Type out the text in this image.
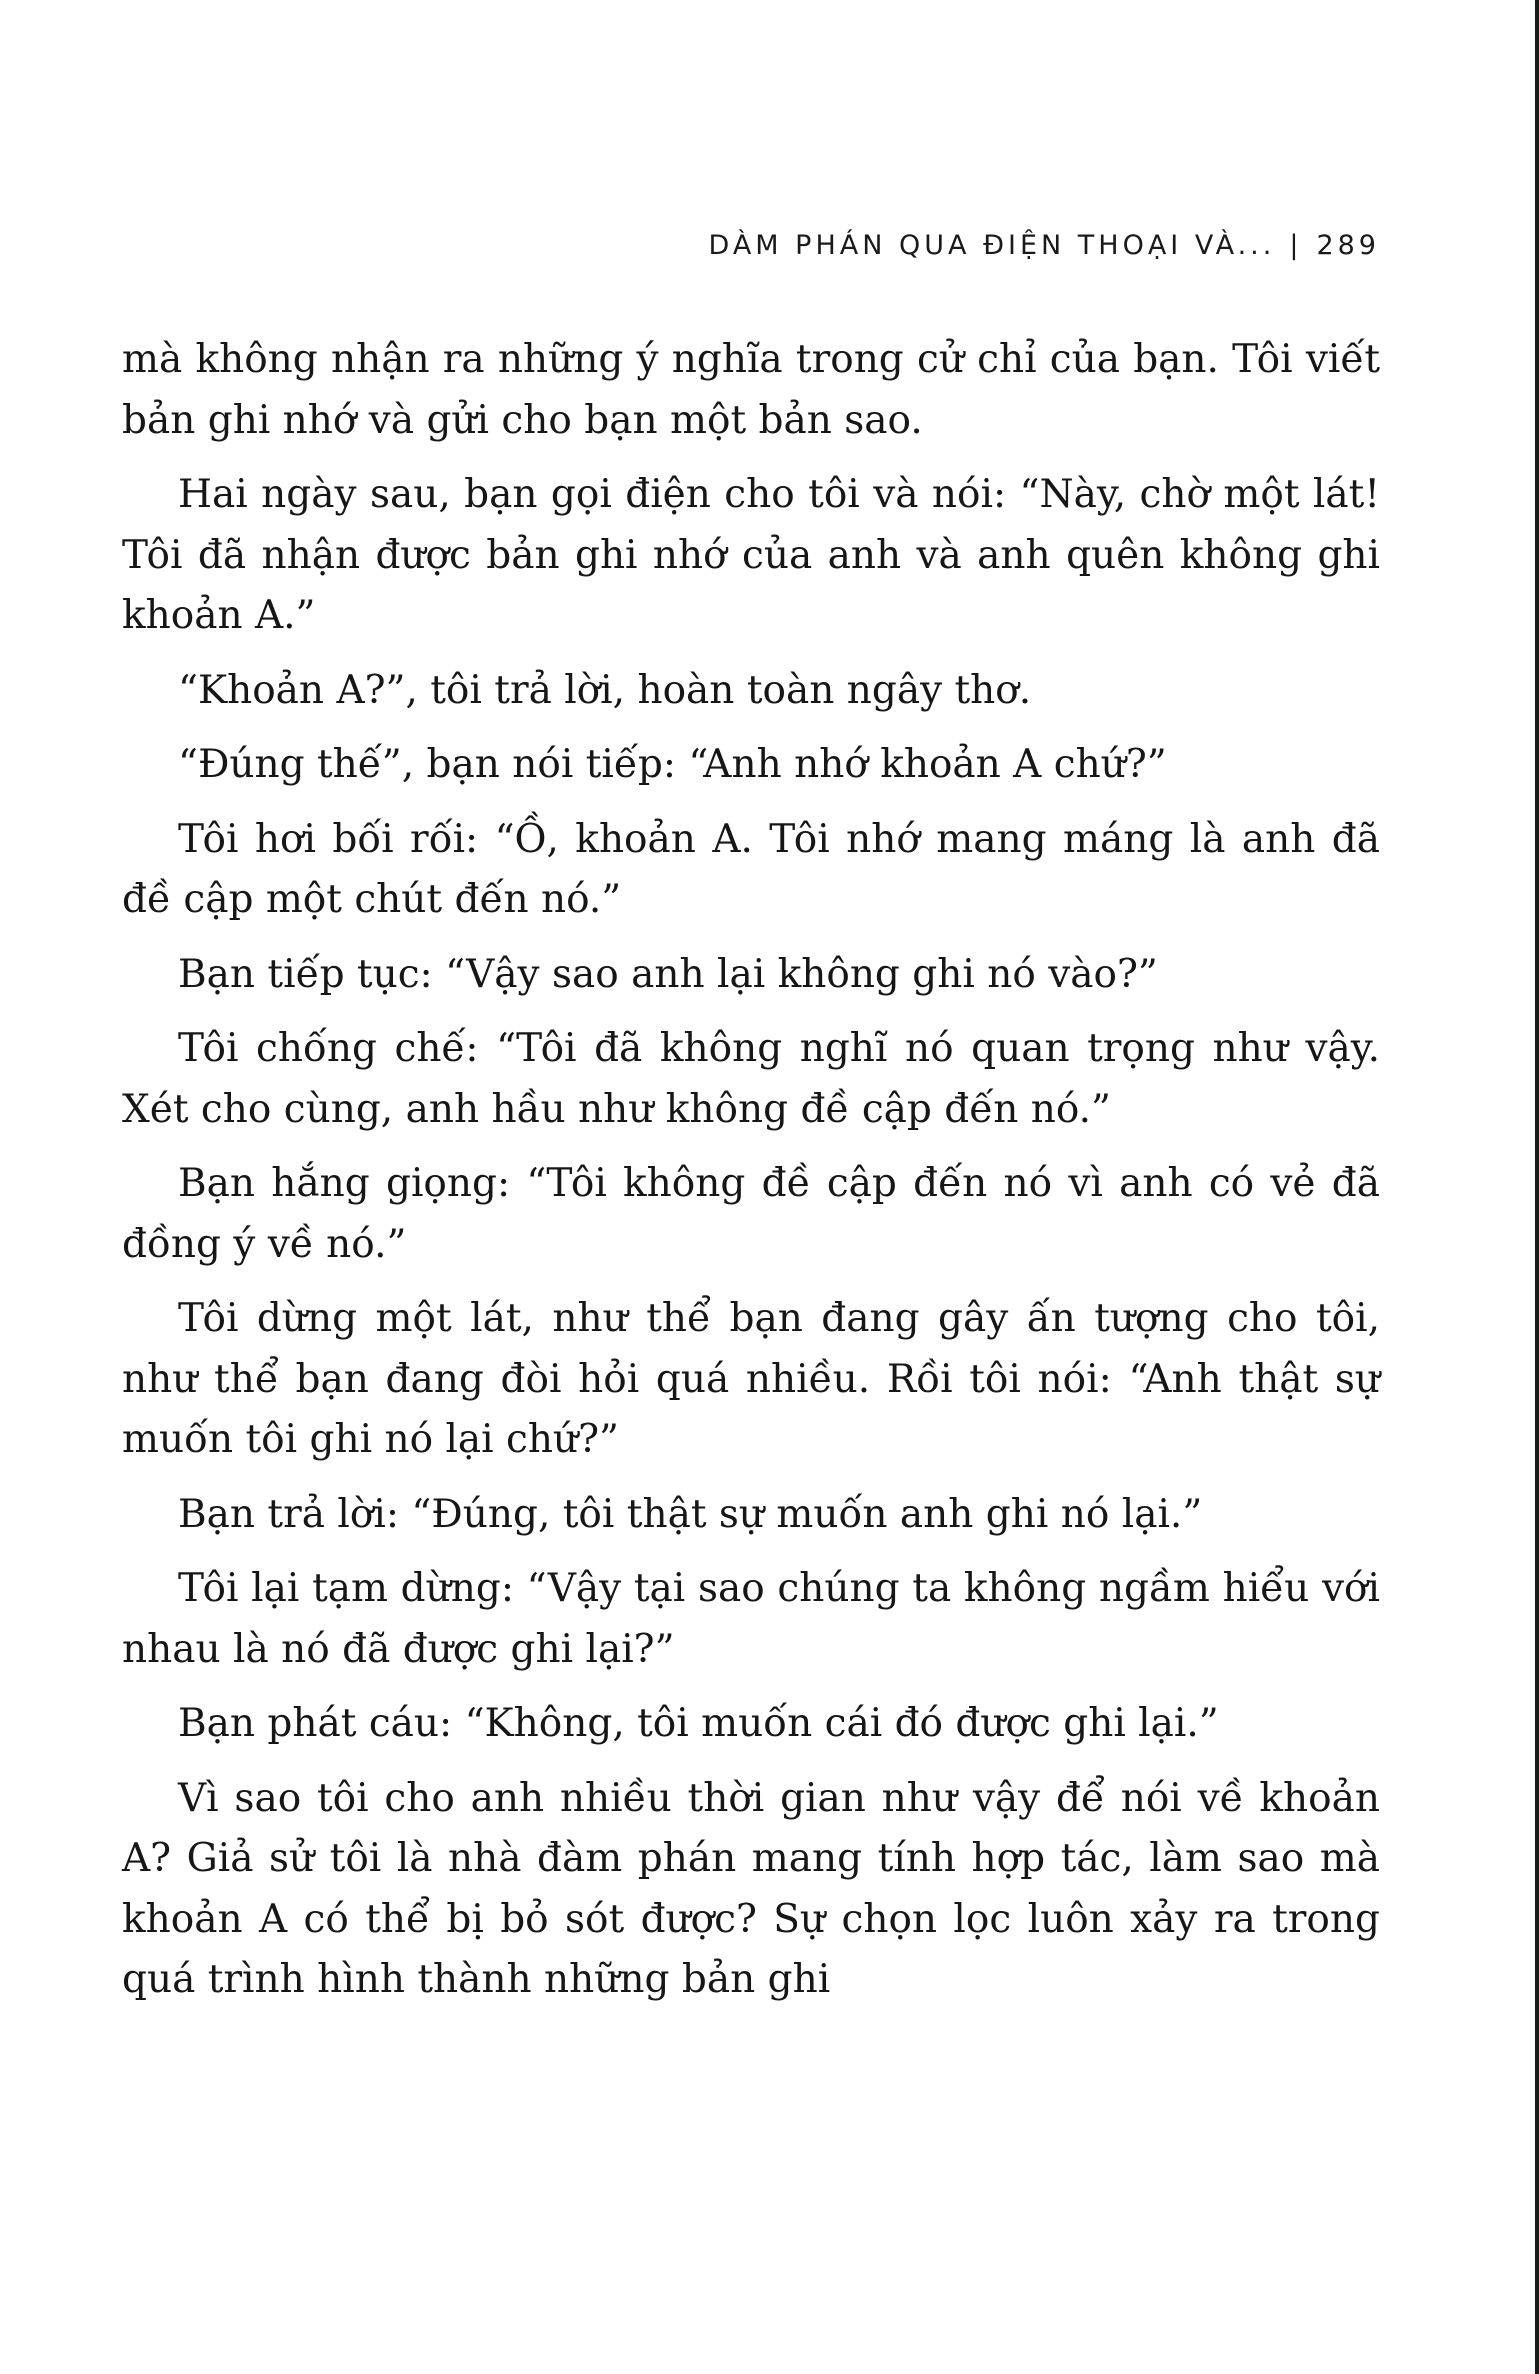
DÀM PHÁN QUA ĐIỆN THOẠI VÀ... | 289

mà không nhận ra những ý nghĩa trong cử chỉ của bạn. Tôi viết bản ghi nhớ và gửi cho bạn một bản sao.

Hai ngày sau, bạn gọi điện cho tôi và nói: “Này, chờ một lát! Tôi đã nhận được bản ghi nhớ của anh và anh quên không ghi khoản A.”

“Khoản A?”, tôi trả lời, hoàn toàn ngây thơ.

“Đúng thế”, bạn nói tiếp: “Anh nhớ khoản A chứ?”

Tôi hơi bối rối: “Ồ, khoản A. Tôi nhớ mang máng là anh đã đề cập một chút đến nó.”

Bạn tiếp tục: “Vậy sao anh lại không ghi nó vào?”

Tôi chống chế: “Tôi đã không nghĩ nó quan trọng như vậy. Xét cho cùng, anh hầu như không đề cập đến nó.”

Bạn hắng giọng: “Tôi không đề cập đến nó vì anh có vẻ đã đồng ý về nó.”

Tôi dừng một lát, như thể bạn đang gây ấn tượng cho tôi, như thể bạn đang đòi hỏi quá nhiều. Rồi tôi nói: “Anh thật sự muốn tôi ghi nó lại chứ?”

Bạn trả lời: “Đúng, tôi thật sự muốn anh ghi nó lại.”

Tôi lại tạm dừng: “Vậy tại sao chúng ta không ngầm hiểu với nhau là nó đã được ghi lại?”

Bạn phát cáu: “Không, tôi muốn cái đó được ghi lại.”

Vì sao tôi cho anh nhiều thời gian như vậy để nói về khoản A? Giả sử tôi là nhà đàm phán mang tính hợp tác, làm sao mà khoản A có thể bị bỏ sót được? Sự chọn lọc luôn xảy ra trong quá trình hình thành những bản ghi
